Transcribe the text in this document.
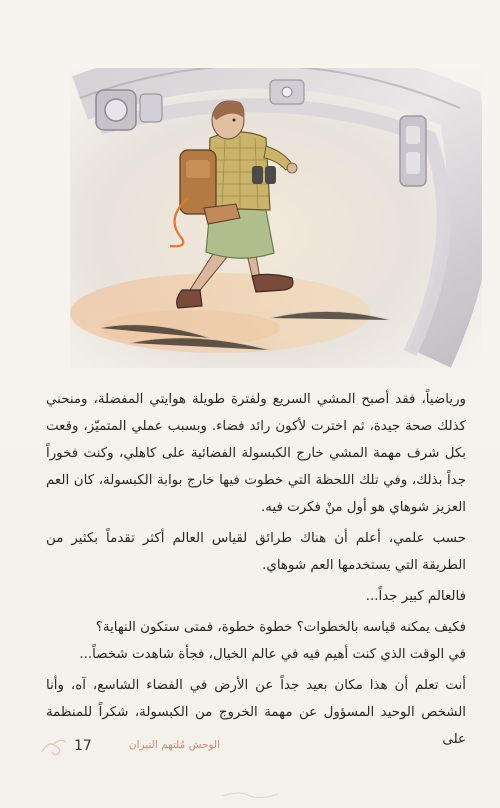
ورياضياً، فقد أصبح المشي السريع ولفترة طويلة هوايتي المفضلة، ومنحني كذلك صحة جيدة، ثم اخترت لأكون رائد فضاء. وبسبب عملي المتميّز، وقعت بكل شرف مهمة المشي خارج الكبسولة الفضائية على كاهلي، وكنت فخوراً جداً بذلك، وفي تلك اللحظة التي خطوت فيها خارج بوابة الكبسولة، كان العم العزيز شوهاي هو أول منْ فكرت فيه.

حسب علمي، أعلم أن هناك طرائق لقياس العالم أكثر تقدماً بكثير من الطريقة التي يستخدمها العم شوهاي.

فالعالم كبير جداً...

فكيف يمكنه قياسه بالخطوات؟ خطوة خطوة، فمتى ستكون النهاية؟

في الوقت الذي كنت أهيم فيه في عالم الخيال، فجأة شاهدت شخصاً...

أنت تعلم أن هذا مكان بعيد جداً عن الأرض في الفضاء الشاسع، آه، وأنا الشخص الوحيد المسؤول عن مهمة الخروج من الكبسولة، شكراً للمنظمة على

17	الوحش مُلتهم النيران
